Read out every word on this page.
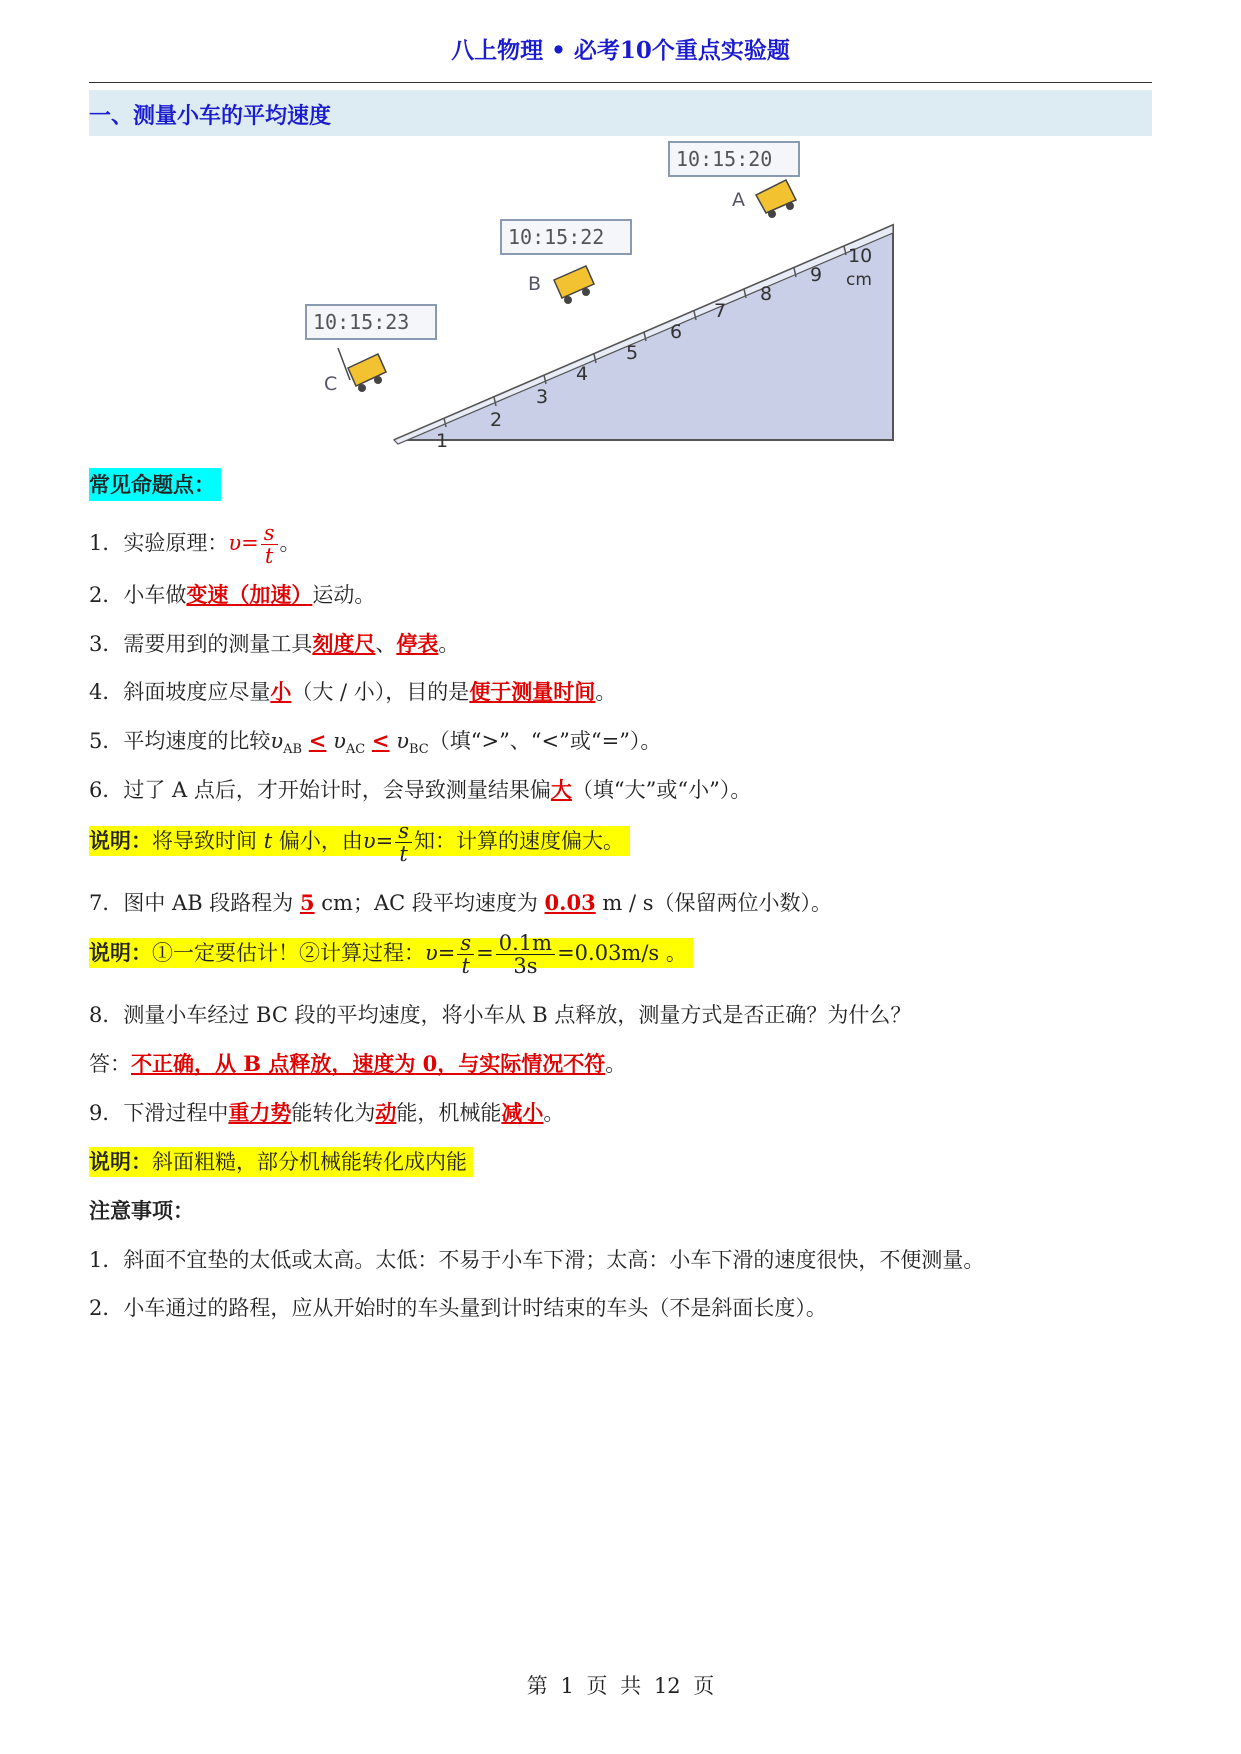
八上物理 • 必考10个重点实验题
一、测量小车的平均速度
1
2
3
4
5
6
7
8
9
10
cm
10:15:20
10:15:22
10:15:23
A
B
C
常见命题点：
1．实验原理：$\upsilon= \frac{s}{t}$ 。
2．小车做变速（加速）运动。
3．需要用到的测量工具刻度尺、停表。
4．斜面坡度应尽量小（大 / 小），目的是便于测量时间。
5．平均速度的比较$\upsilon_{AB} < \upsilon_{AC} < \upsilon_{BC}$（填“>”、“<”或“=”）。
6．过了 A 点后，才开始计时，会导致测量结果偏大（填“大”或“小”）。
说明：将导致时间 t 偏小，由$\upsilon= \frac{s}{t}$ 知：计算的速度偏大。
7．图中 AB 段路程为 5 cm；AC 段平均速度为 0.03 m / s（保留两位小数）。
说明：①一定要估计！②计算过程：$\upsilon= \frac{s}{t} = \frac{0.1m}{3s} =0.03m/s$ 。
8．测量小车经过 BC 段的平均速度，将小车从 B 点释放，测量方式是否正确？为什么？
答：不正确，从 B 点释放，速度为 0，与实际情况不符。
9．下滑过程中重力势能转化为动能，机械能减小。
说明：斜面粗糙，部分机械能转化成内能
注意事项：
1．斜面不宜垫的太低或太高。太低：不易于小车下滑；太高：小车下滑的速度很快，不便测量。
2．小车通过的路程，应从开始时的车头量到计时结束的车头（不是斜面长度）。
第 1 页 共 12 页
